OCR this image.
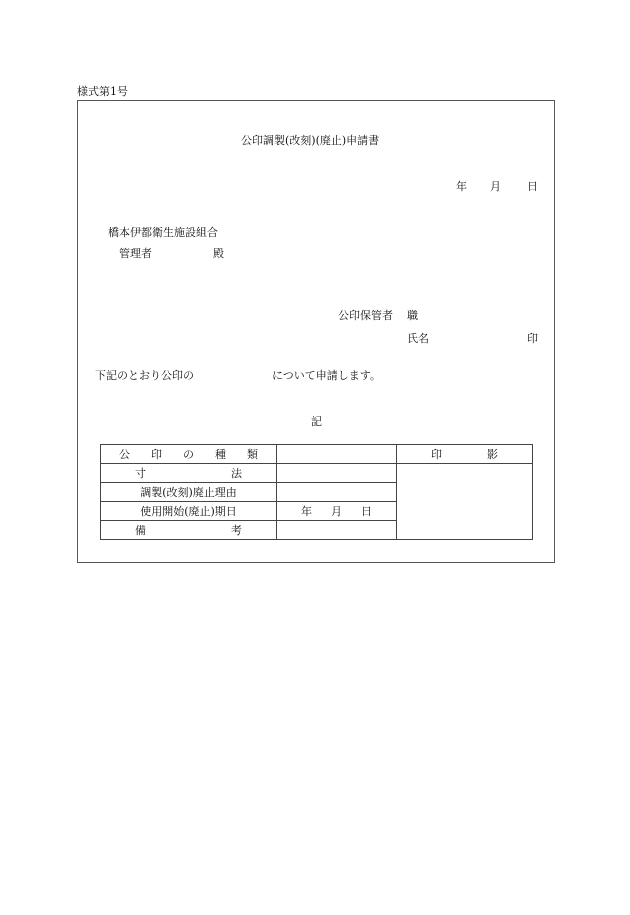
様式第1号
公印調製(改刻)(廃止)申請書
年 月 日
橋本伊都衛生施設組合
管理者	殿
公印保管者 職
氏名	印
下記のとおり公印の	について申請します。
記
公 印 の 種 類		印 影

寸 法		

調製(改刻)廃止理由		
使用開始(廃止)期日	年 月 日	

備 考		
